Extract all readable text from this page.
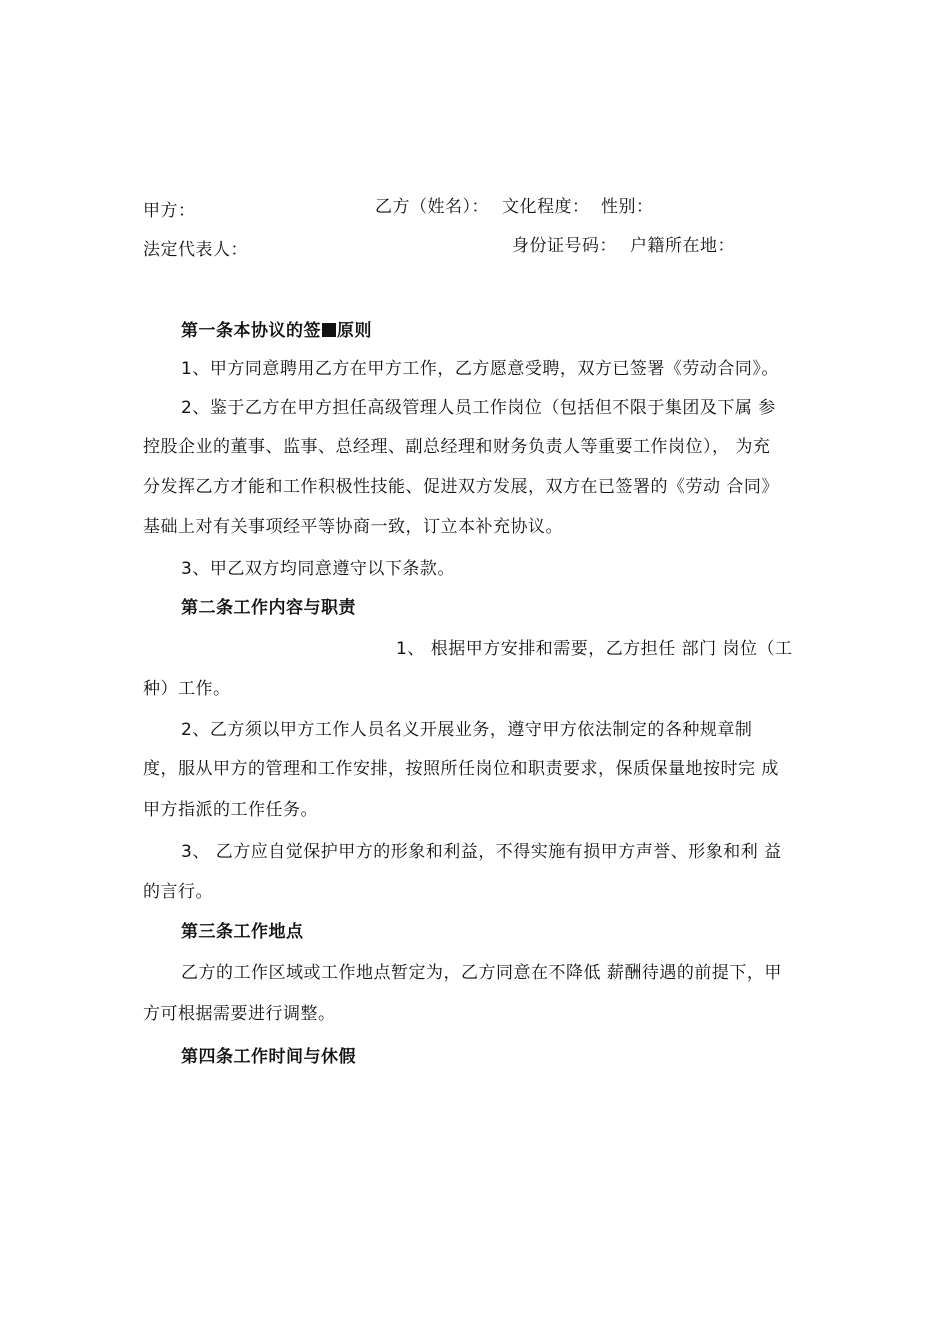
甲方：	乙方（姓名）： 文化程度： 性别：
法定代表人：	身份证号码： 户籍所在地：
第一条本协议的签 原则
1、甲方同意聘用乙方在甲方工作，乙方愿意受聘，双方已签署《劳动合同》。
2、鉴于乙方在甲方担任高级管理人员工作岗位（包括但不限于集团及下属 参
控股企业的董事、监事、总经理、副总经理和财务负责人等重要工作岗位）， 为充
分发挥乙方才能和工作积极性技能、促进双方发展，双方在已签署的《劳动 合同》
基础上对有关事项经平等协商一致，订立本补充协议。
3、甲乙双方均同意遵守以下条款。
第二条工作内容与职责
1、 根据甲方安排和需要，乙方担任 部门 岗位（工
种）工作。
2、乙方须以甲方工作人员名义开展业务，遵守甲方依法制定的各种规章制
度，服从甲方的管理和工作安排，按照所任岗位和职责要求，保质保量地按时完 成
甲方指派的工作任务。
3、 乙方应自觉保护甲方的形象和利益，不得实施有损甲方声誉、形象和利 益
的言行。
第三条工作地点
乙方的工作区域或工作地点暂定为，乙方同意在不降低 薪酬待遇的前提下，甲
方可根据需要进行调整。
第四条工作时间与休假
